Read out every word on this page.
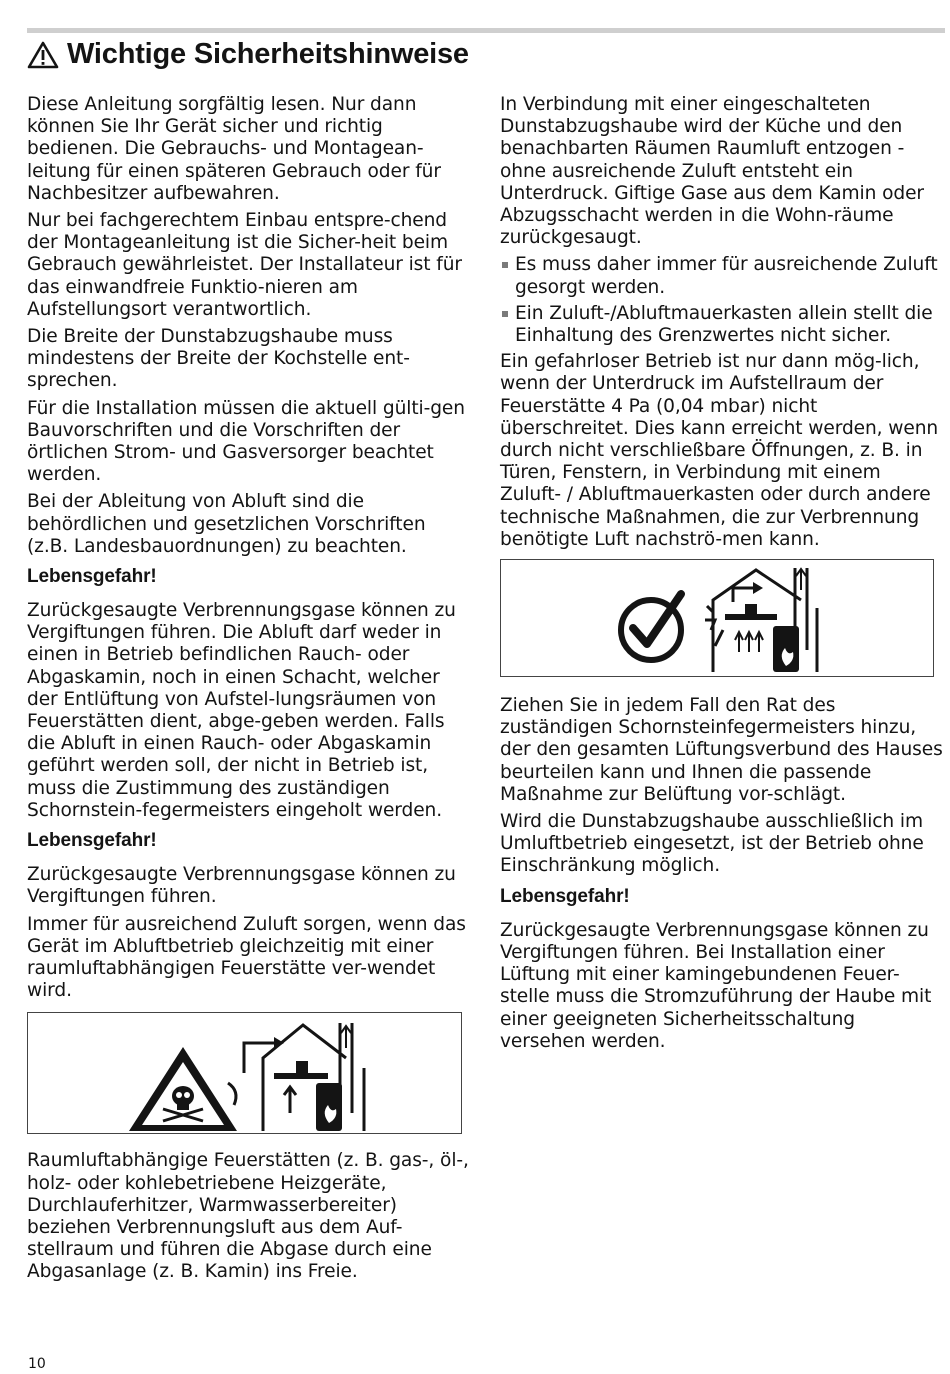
Wichtige Sicherheitshinweise
Diese Anleitung sorgfältig lesen. Nur dann können Sie Ihr Gerät sicher und richtig bedienen. Die Gebrauchs- und Montagean-leitung für einen späteren Gebrauch oder für Nachbesitzer aufbewahren.
Nur bei fachgerechtem Einbau entspre-chend der Montageanleitung ist die Sicher-heit beim Gebrauch gewährleistet. Der Installateur ist für das einwandfreie Funktio-nieren am Aufstellungsort verantwortlich.
Die Breite der Dunstabzugshaube muss mindestens der Breite der Kochstelle ent-sprechen.
Für die Installation müssen die aktuell gülti-gen Bauvorschriften und die Vorschriften der örtlichen Strom- und Gasversorger beachtet werden.
Bei der Ableitung von Abluft sind die behördlichen und gesetzlichen Vorschriften (z.B. Landesbauordnungen) zu beachten.
Lebensgefahr!
Zurückgesaugte Verbrennungsgase können zu Vergiftungen führen. Die Abluft darf weder in einen in Betrieb befindlichen Rauch- oder Abgaskamin, noch in einen Schacht, welcher der Entlüftung von Aufstel-lungsräumen von Feuerstätten dient, abge-geben werden. Falls die Abluft in einen Rauch- oder Abgaskamin geführt werden soll, der nicht in Betrieb ist, muss die Zustimmung des zuständigen Schornstein-fegermeisters eingeholt werden.
Lebensgefahr!
Zurückgesaugte Verbrennungsgase können zu Vergiftungen führen.
Immer für ausreichend Zuluft sorgen, wenn das Gerät im Abluftbetrieb gleichzeitig mit einer raumluftabhängigen Feuerstätte ver-wendet wird.
Raumluftabhängige Feuerstätten (z. B. gas-, öl-, holz- oder kohlebetriebene Heizgeräte, Durchlauferhitzer, Warmwasserbereiter) beziehen Verbrennungsluft aus dem Auf-stellraum und führen die Abgase durch eine Abgasanlage (z. B. Kamin) ins Freie.
In Verbindung mit einer eingeschalteten Dunstabzugshaube wird der Küche und den benachbarten Räumen Raumluft entzogen - ohne ausreichende Zuluft entsteht ein Unterdruck. Giftige Gase aus dem Kamin oder Abzugsschacht werden in die Wohn-räume zurückgesaugt.
Es muss daher immer für ausreichende Zuluft gesorgt werden.
Ein Zuluft-/Abluftmauerkasten allein stellt die Einhaltung des Grenzwertes nicht sicher.
Ein gefahrloser Betrieb ist nur dann mög-lich, wenn der Unterdruck im Aufstellraum der Feuerstätte 4 Pa (0,04 mbar) nicht überschreitet. Dies kann erreicht werden, wenn durch nicht verschließbare Öffnungen, z. B. in Türen, Fenstern, in Verbindung mit einem Zuluft- / Abluftmauerkasten oder durch andere technische Maßnahmen, die zur Verbrennung benötigte Luft nachströ-men kann.
Ziehen Sie in jedem Fall den Rat des zuständigen Schornsteinfegermeisters hinzu, der den gesamten Lüftungsverbund des Hauses beurteilen kann und Ihnen die passende Maßnahme zur Belüftung vor-schlägt.
Wird die Dunstabzugshaube ausschließlich im Umluftbetrieb eingesetzt, ist der Betrieb ohne Einschränkung möglich.
Lebensgefahr!
Zurückgesaugte Verbrennungsgase können zu Vergiftungen führen. Bei Installation einer Lüftung mit einer kamingebundenen Feuer-stelle muss die Stromzuführung der Haube mit einer geeigneten Sicherheitsschaltung versehen werden.
10
